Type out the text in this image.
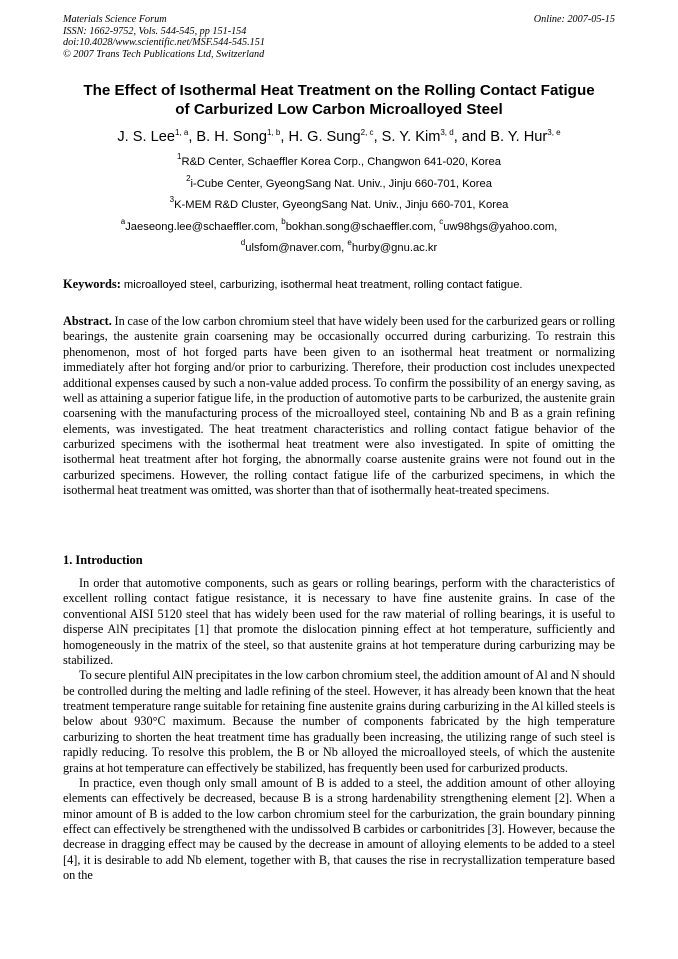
Materials Science Forum
ISSN: 1662-9752, Vols. 544-545, pp 151-154
doi:10.4028/www.scientific.net/MSF.544-545.151
© 2007 Trans Tech Publications Ltd, Switzerland
Online: 2007-05-15
The Effect of Isothermal Heat Treatment on the Rolling Contact Fatigue
of Carburized Low Carbon Microalloyed Steel
J. S. Lee$^{1, a}$, B. H. Song$^{1, b}$, H. G. Sung$^{2, c}$, S. Y. Kim$^{3, d}$, and B. Y. Hur$^{3, e}$
$^1$R&D Center, Schaeffler Korea Corp., Changwon 641-020, Korea
$^2$i-Cube Center, GyeongSang Nat. Univ., Jinju 660-701, Korea
$^3$K-MEM R&D Cluster, GyeongSang Nat. Univ., Jinju 660-701, Korea
$^a$Jaeseong.lee@schaeffler.com, $^b$bokhan.song@schaeffler.com, $^c$uw98hgs@yahoo.com,
$^d$ulsfom@naver.com, $^e$hurby@gnu.ac.kr
Keywords: microalloyed steel, carburizing, isothermal heat treatment, rolling contact fatigue.

Abstract. In case of the low carbon chromium steel that have widely been used for the carburized gears or rolling bearings, the austenite grain coarsening may be occasionally occurred during carburizing. To restrain this phenomenon, most of hot forged parts have been given to an isothermal heat treatment or normalizing immediately after hot forging and/or prior to carburizing. Therefore, their production cost includes unexpected additional expenses caused by such a non-value added process. To confirm the possibility of an energy saving, as well as attaining a superior fatigue life, in the production of automotive parts to be carburized, the austenite grain coarsening with the manufacturing process of the microalloyed steel, containing Nb and B as a grain refining elements, was investigated. The heat treatment characteristics and rolling contact fatigue behavior of the carburized specimens with the isothermal heat treatment were also investigated. In spite of omitting the isothermal heat treatment after hot forging, the abnormally coarse austenite grains were not found out in the carburized specimens. However, the rolling contact fatigue life of the carburized specimens, in which the isothermal heat treatment was omitted, was shorter than that of isothermally heat-treated specimens.

1. Introduction

In order that automotive components, such as gears or rolling bearings, perform with the characteristics of excellent rolling contact fatigue resistance, it is necessary to have fine austenite grains. In case of the conventional AISI 5120 steel that has widely been used for the raw material of rolling bearings, it is useful to disperse AlN precipitates [1] that promote the dislocation pinning effect at hot temperature, sufficiently and homogeneously in the matrix of the steel, so that austenite grains at hot temperature during carburizing may be stabilized.

To secure plentiful AlN precipitates in the low carbon chromium steel, the addition amount of Al and N should be controlled during the melting and ladle refining of the steel. However, it has already been known that the heat treatment temperature range suitable for retaining fine austenite grains during carburizing in the Al killed steels is below about 930°C maximum. Because the number of components fabricated by the high temperature carburizing to shorten the heat treatment time has gradually been increasing, the utilizing range of such steel is rapidly reducing. To resolve this problem, the B or Nb alloyed the microalloyed steels, of which the austenite grains at hot temperature can effectively be stabilized, has frequently been used for carburized products.

In practice, even though only small amount of B is added to a steel, the addition amount of other alloying elements can effectively be decreased, because B is a strong hardenability strengthening element [2]. When a minor amount of B is added to the low carbon chromium steel for the carburization, the grain boundary pinning effect can effectively be strengthened with the undissolved B carbides or carbonitrides [3]. However, because the decrease in dragging effect may be caused by the decrease in amount of alloying elements to be added to a steel [4], it is desirable to add Nb element, together with B, that causes the rise in recrystallization temperature based on the
